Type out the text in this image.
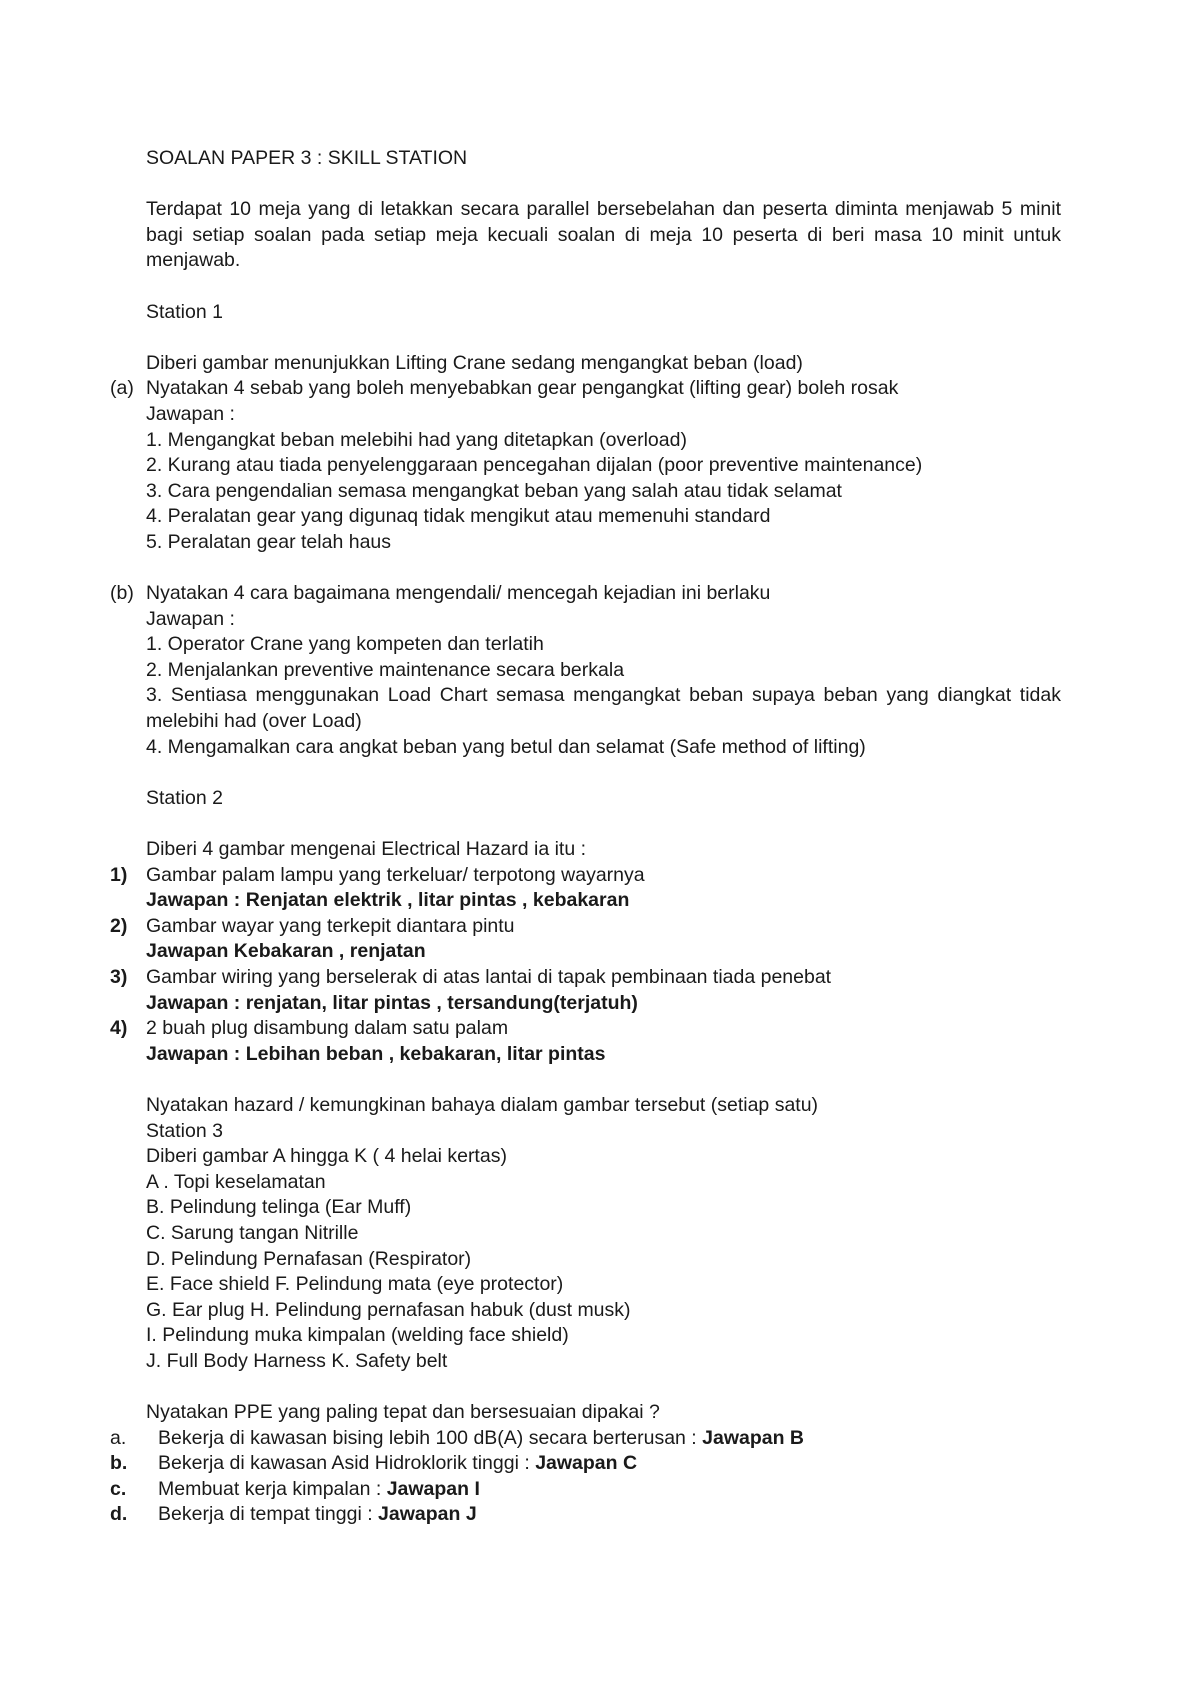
SOALAN PAPER 3 : SKILL STATION

Terdapat 10 meja yang di letakkan secara parallel bersebelahan dan peserta diminta menjawab 5 minit bagi setiap soalan pada setiap meja kecuali soalan di meja 10 peserta di beri masa 10 minit untuk menjawab.

Station 1

Diberi gambar menunjukkan Lifting Crane sedang mengangkat beban (load)

(a) Nyatakan 4 sebab yang boleh menyebabkan gear pengangkat (lifting gear) boleh rosak

Jawapan :

1. Mengangkat beban melebihi had yang ditetapkan (overload)

2. Kurang atau tiada penyelenggaraan pencegahan dijalan (poor preventive maintenance)

3. Cara pengendalian semasa mengangkat beban yang salah atau tidak selamat

4. Peralatan gear yang digunaq tidak mengikut atau memenuhi standard

5. Peralatan gear telah haus

(b) Nyatakan 4 cara bagaimana mengendali/ mencegah kejadian ini berlaku

Jawapan :

1. Operator Crane yang kompeten dan terlatih

2. Menjalankan preventive maintenance secara berkala

3. Sentiasa menggunakan Load Chart semasa mengangkat beban supaya beban yang diangkat tidak melebihi had (over Load)

4. Mengamalkan cara angkat beban yang betul dan selamat (Safe method of lifting)

Station 2

Diberi 4 gambar mengenai Electrical Hazard ia itu :

1) Gambar palam lampu yang terkeluar/ terpotong wayarnya

Jawapan : Renjatan elektrik , litar pintas , kebakaran

2) Gambar wayar yang terkepit diantara pintu

Jawapan Kebakaran , renjatan

3) Gambar wiring yang berselerak di atas lantai di tapak pembinaan tiada penebat

Jawapan : renjatan, litar pintas , tersandung(terjatuh)

4) 2 buah plug disambung dalam satu palam

Jawapan : Lebihan beban , kebakaran, litar pintas

Nyatakan hazard / kemungkinan bahaya dialam gambar tersebut (setiap satu)

Station 3

Diberi gambar A hingga K ( 4 helai kertas)

A . Topi keselamatan

B. Pelindung telinga (Ear Muff)

C. Sarung tangan Nitrille

D. Pelindung Pernafasan (Respirator)

E. Face shield F. Pelindung mata (eye protector)

G. Ear plug H. Pelindung pernafasan habuk (dust musk)

I. Pelindung muka kimpalan (welding face shield)

J. Full Body Harness K. Safety belt

Nyatakan PPE yang paling tepat dan bersesuaian dipakai ?

a.	Bekerja di kawasan bising lebih 100 dB(A) secara berterusan : Jawapan B

b.	Bekerja di kawasan Asid Hidroklorik tinggi : Jawapan C

c.	Membuat kerja kimpalan : Jawapan I

d.	Bekerja di tempat tinggi : Jawapan J
